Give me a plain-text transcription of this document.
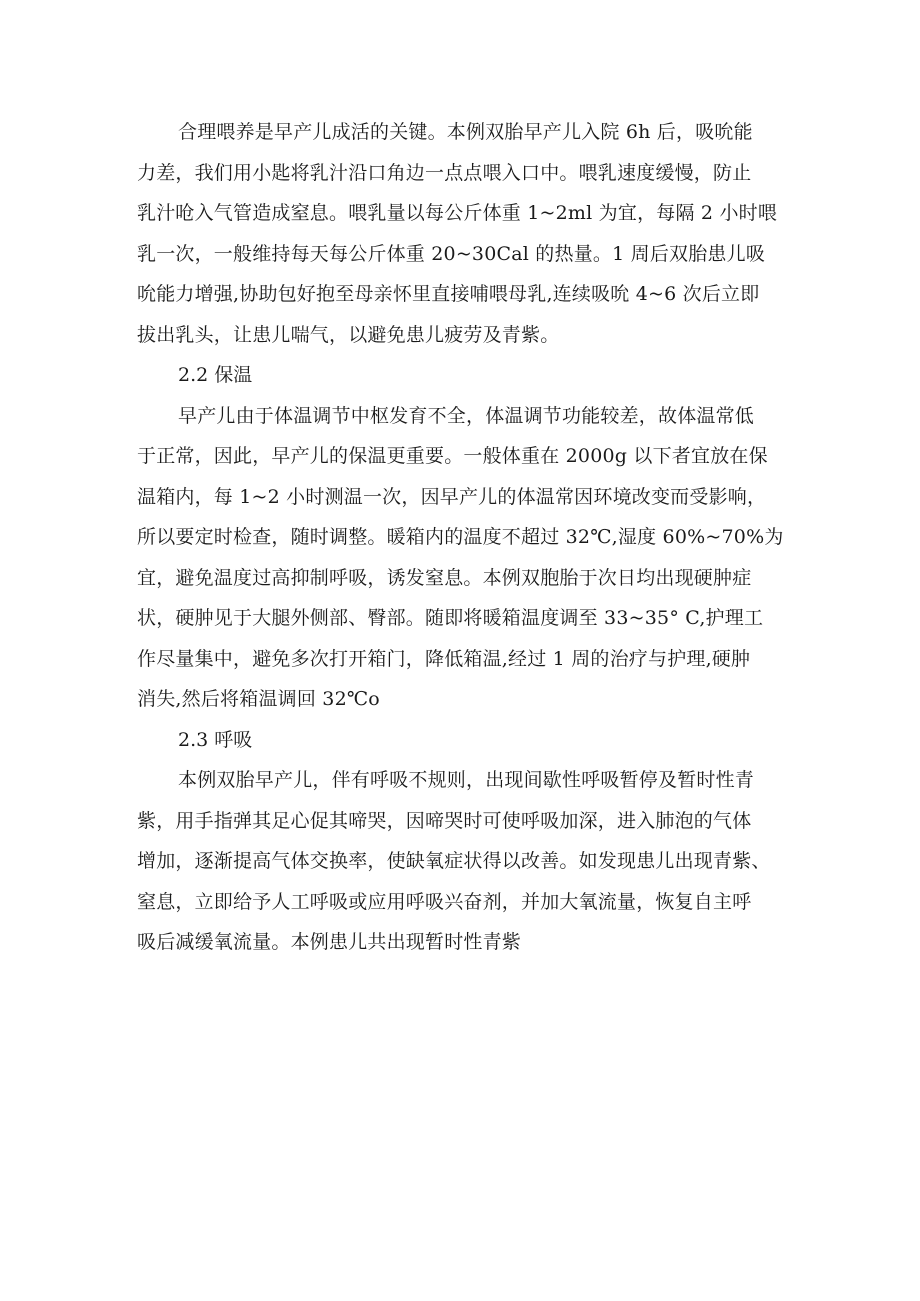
合理喂养是早产儿成活的关键。本例双胎早产儿入院 6h 后，吸吮能
力差，我们用小匙将乳汁沿口角边一点点喂入口中。喂乳速度缓慢，防止
乳汁呛入气管造成窒息。喂乳量以每公斤体重 1~2ml 为宜，每隔 2 小时喂
乳一次，一般维持每天每公斤体重 20~30Cal 的热量。1 周后双胎患儿吸
吮能力增强,协助包好抱至母亲怀里直接哺喂母乳,连续吸吮 4~6 次后立即
拔出乳头，让患儿喘气，以避免患儿疲劳及青紫。

2.2 保温

早产儿由于体温调节中枢发育不全，体温调节功能较差，故体温常低
于正常，因此，早产儿的保温更重要。一般体重在 2000g 以下者宜放在保
温箱内，每 1~2 小时测温一次，因早产儿的体温常因环境改变而受影响，
所以要定时检查，随时调整。暖箱内的温度不超过 32℃,湿度 60%~70%为
宜，避免温度过高抑制呼吸，诱发窒息。本例双胞胎于次日均出现硬肿症
状，硬肿见于大腿外侧部、臀部。随即将暖箱温度调至 33~35° C,护理工
作尽量集中，避免多次打开箱门，降低箱温,经过 1 周的治疗与护理,硬肿
消失,然后将箱温调回 32℃o

2.3 呼吸

本例双胎早产儿，伴有呼吸不规则，出现间歇性呼吸暂停及暂时性青
紫，用手指弹其足心促其啼哭，因啼哭时可使呼吸加深，进入肺泡的气体
增加，逐渐提高气体交换率，使缺氧症状得以改善。如发现患儿出现青紫、
窒息，立即给予人工呼吸或应用呼吸兴奋剂，并加大氧流量，恢复自主呼
吸后减缓氧流量。本例患儿共出现暂时性青紫
